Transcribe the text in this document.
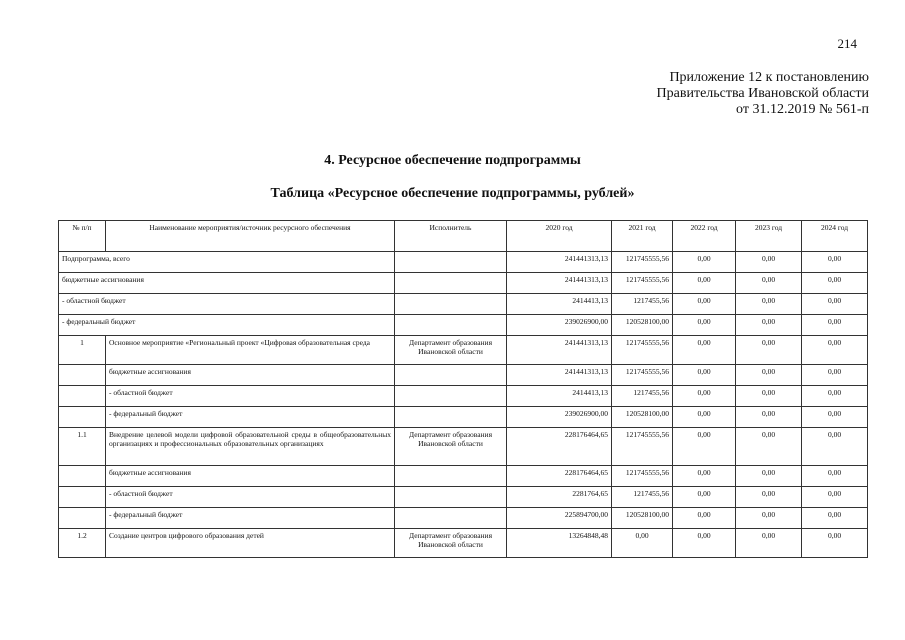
214
Приложение 12 к постановлению
Правительства Ивановской области
от 31.12.2019 № 561-п
4. Ресурсное обеспечение подпрограммы
Таблица «Ресурсное обеспечение подпрограммы, рублей»
№ п/п	Наименование мероприятия/источник ресурсного обеспечения	Исполнитель	2020 год	2021 год	2022 год	2023 год	2024 год
Подпрограмма, всего			241441313,13	121745555,56	0,00	0,00	0,00
бюджетные ассигнования			241441313,13	121745555,56	0,00	0,00	0,00
- областной бюджет			2414413,13	1217455,56	0,00	0,00	0,00
- федеральный бюджет			239026900,00	120528100,00	0,00	0,00	0,00
1	Основное мероприятие «Региональный проект «Цифровая образовательная среда	Департамент образования Ивановской области	241441313,13	121745555,56	0,00	0,00	0,00
	бюджетные ассигнования		241441313,13	121745555,56	0,00	0,00	0,00
	- областной бюджет		2414413,13	1217455,56	0,00	0,00	0,00
	- федеральный бюджет		239026900,00	120528100,00	0,00	0,00	0,00
1.1	Внедрение целевой модели цифровой образовательной среды в общеобразовательных организациях и профессиональных образовательных организациях	Департамент образования Ивановской области	228176464,65	121745555,56	0,00	0,00	0,00
	бюджетные ассигнования		228176464,65	121745555,56	0,00	0,00	0,00
	- областной бюджет		2281764,65	1217455,56	0,00	0,00	0,00
	- федеральный бюджет		225894700,00	120528100,00	0,00	0,00	0,00
1.2	Создание центров цифрового образования детей	Департамент образования Ивановской области	13264848,48	0,00	0,00	0,00	0,00
